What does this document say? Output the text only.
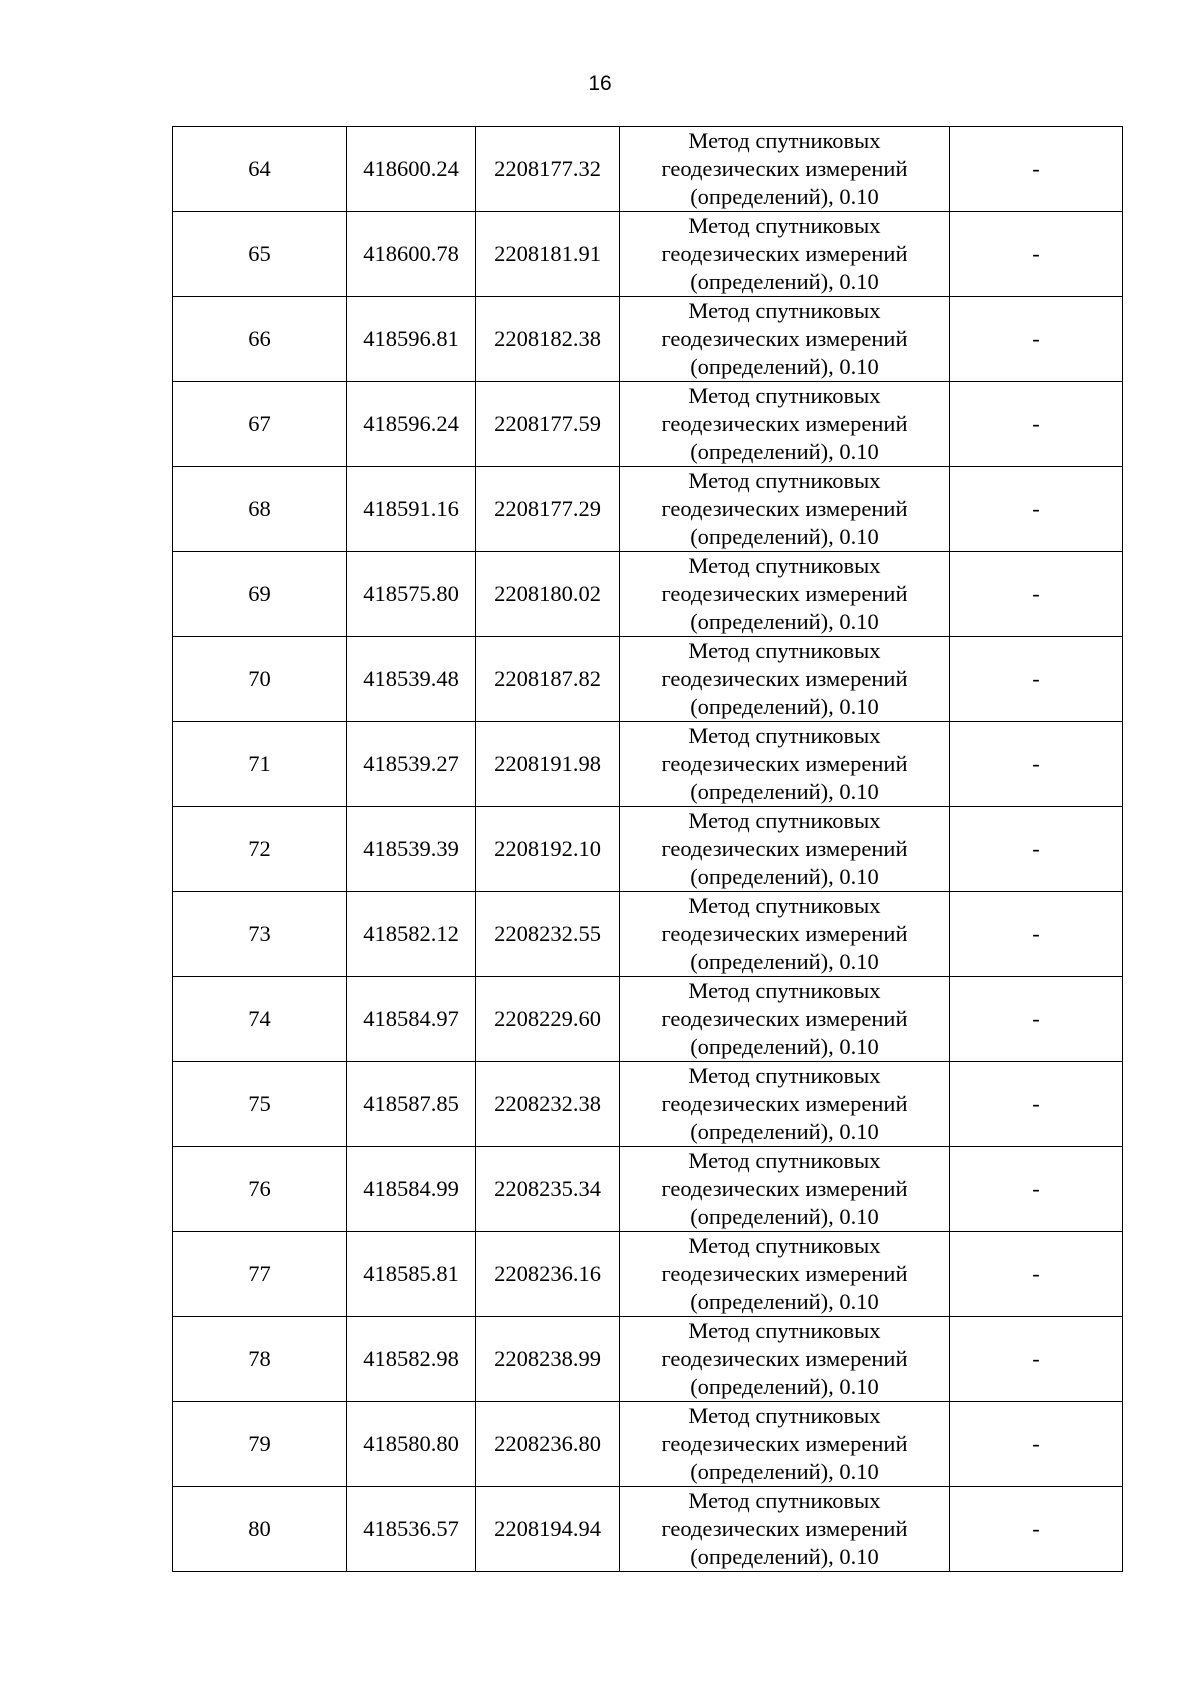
16
64	418600.24	2208177.32	Метод спутниковых
геодезических измерений
(определений), 0.10	-
65	418600.78	2208181.91	Метод спутниковых
геодезических измерений
(определений), 0.10	-
66	418596.81	2208182.38	Метод спутниковых
геодезических измерений
(определений), 0.10	-
67	418596.24	2208177.59	Метод спутниковых
геодезических измерений
(определений), 0.10	-
68	418591.16	2208177.29	Метод спутниковых
геодезических измерений
(определений), 0.10	-
69	418575.80	2208180.02	Метод спутниковых
геодезических измерений
(определений), 0.10	-
70	418539.48	2208187.82	Метод спутниковых
геодезических измерений
(определений), 0.10	-
71	418539.27	2208191.98	Метод спутниковых
геодезических измерений
(определений), 0.10	-
72	418539.39	2208192.10	Метод спутниковых
геодезических измерений
(определений), 0.10	-
73	418582.12	2208232.55	Метод спутниковых
геодезических измерений
(определений), 0.10	-
74	418584.97	2208229.60	Метод спутниковых
геодезических измерений
(определений), 0.10	-
75	418587.85	2208232.38	Метод спутниковых
геодезических измерений
(определений), 0.10	-
76	418584.99	2208235.34	Метод спутниковых
геодезических измерений
(определений), 0.10	-
77	418585.81	2208236.16	Метод спутниковых
геодезических измерений
(определений), 0.10	-
78	418582.98	2208238.99	Метод спутниковых
геодезических измерений
(определений), 0.10	-
79	418580.80	2208236.80	Метод спутниковых
геодезических измерений
(определений), 0.10	-
80	418536.57	2208194.94	Метод спутниковых
геодезических измерений
(определений), 0.10	-
